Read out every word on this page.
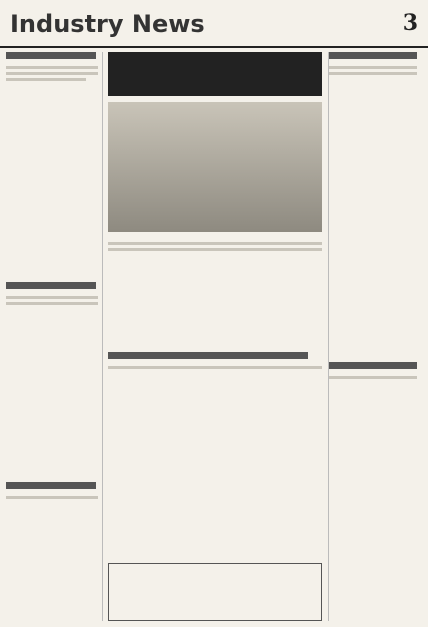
Industry News	3
